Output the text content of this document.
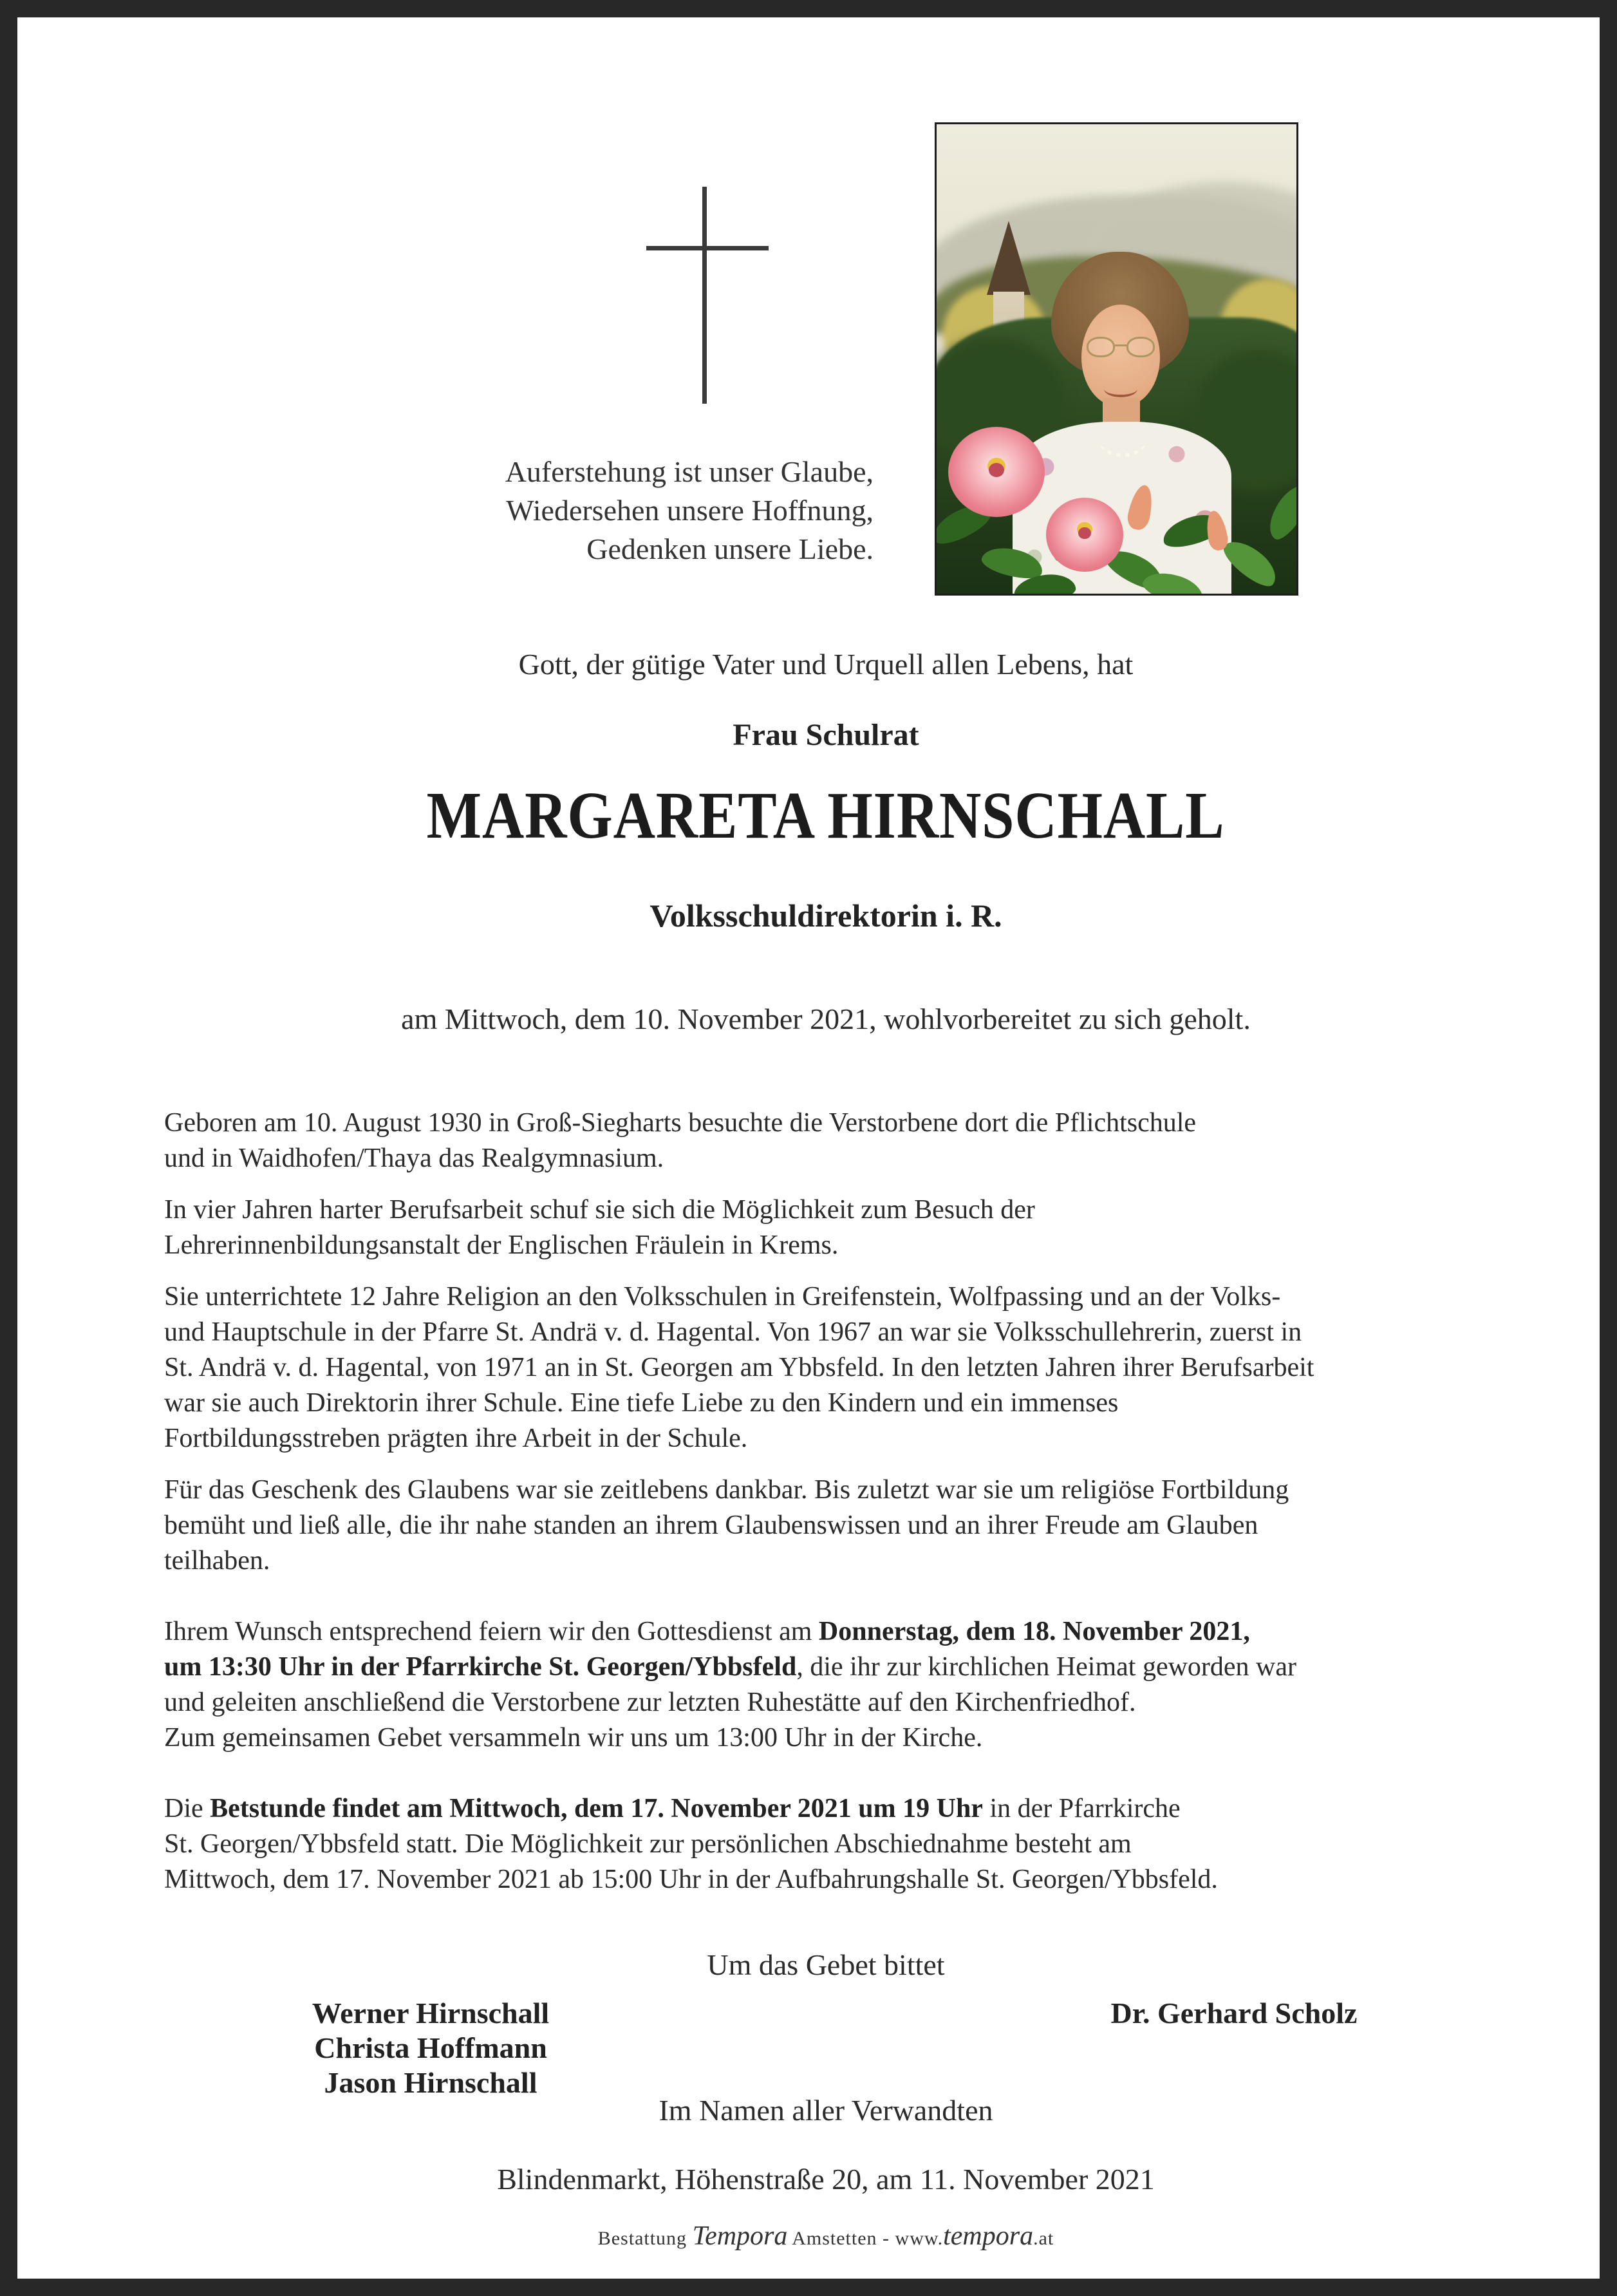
Auferstehung ist unser Glaube,
Wiedersehen unsere Hoffnung,
Gedenken unsere Liebe.
Gott, der gütige Vater und Urquell allen Lebens, hat
Frau Schulrat
MARGARETA HIRNSCHALL
Volksschuldirektorin i. R.
am Mittwoch, dem 10. November 2021, wohlvorbereitet zu sich geholt.

Geboren am 10. August 1930 in Groß-Siegharts besuchte die Verstorbene dort die Pflichtschule
und in Waidhofen/Thaya das Realgymnasium.

In vier Jahren harter Berufsarbeit schuf sie sich die Möglichkeit zum Besuch der
Lehrerinnenbildungsanstalt der Englischen Fräulein in Krems.

Sie unterrichtete 12 Jahre Religion an den Volksschulen in Greifenstein, Wolfpassing und an der Volks-
und Hauptschule in der Pfarre St. Andrä v. d. Hagental. Von 1967 an war sie Volksschullehrerin, zuerst in
St. Andrä v. d. Hagental, von 1971 an in St. Georgen am Ybbsfeld. In den letzten Jahren ihrer Berufsarbeit
war sie auch Direktorin ihrer Schule. Eine tiefe Liebe zu den Kindern und ein immenses
Fortbildungsstreben prägten ihre Arbeit in der Schule.

Für das Geschenk des Glaubens war sie zeitlebens dankbar. Bis zuletzt war sie um religiöse Fortbildung
bemüht und ließ alle, die ihr nahe standen an ihrem Glaubenswissen und an ihrer Freude am Glauben
teilhaben.

Ihrem Wunsch entsprechend feiern wir den Gottesdienst am Donnerstag, dem 18. November 2021,
um 13:30 Uhr in der Pfarrkirche St. Georgen/Ybbsfeld, die ihr zur kirchlichen Heimat geworden war
und geleiten anschließend die Verstorbene zur letzten Ruhestätte auf den Kirchenfriedhof.
Zum gemeinsamen Gebet versammeln wir uns um 13:00 Uhr in der Kirche.

Die Betstunde findet am Mittwoch, dem 17. November 2021 um 19 Uhr in der Pfarrkirche
St. Georgen/Ybbsfeld statt. Die Möglichkeit zur persönlichen Abschiednahme besteht am
Mittwoch, dem 17. November 2021 ab 15:00 Uhr in der Aufbahrungshalle St. Georgen/Ybbsfeld.

Um das Gebet bittet
Werner Hirnschall
Christa Hoffmann
Jason Hirnschall
Dr. Gerhard Scholz
Im Namen aller Verwandten
Blindenmarkt, Höhenstraße 20, am 11. November 2021
Bestattung Tempora Amstetten - www.tempora.at
